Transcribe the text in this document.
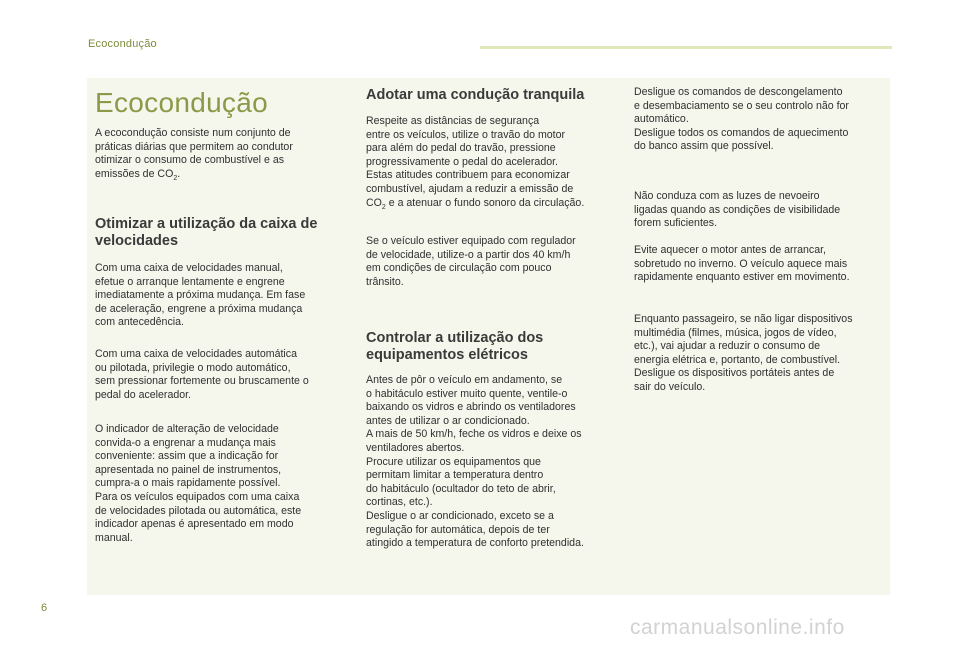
Ecocondução
Ecocondução

A ecocondução consiste num conjunto de
práticas diárias que permitem ao condutor
otimizar o consumo de combustível e as
emissões de $CO_2$.

Otimizar a utilização da caixa de
velocidades

Com uma caixa de velocidades manual,
efetue o arranque lentamente e engrene
imediatamente a próxima mudança. Em fase
de aceleração, engrene a próxima mudança
com antecedência.

Com uma caixa de velocidades automática
ou pilotada, privilegie o modo automático,
sem pressionar fortemente ou bruscamente o
pedal do acelerador.

O indicador de alteração de velocidade
convida-o a engrenar a mudança mais
conveniente: assim que a indicação for
apresentada no painel de instrumentos,
cumpra-a o mais rapidamente possível.
Para os veículos equipados com uma caixa
de velocidades pilotada ou automática, este
indicador apenas é apresentado em modo
manual.

Adotar uma condução tranquila

Respeite as distâncias de segurança
entre os veículos, utilize o travão do motor
para além do pedal do travão, pressione
progressivamente o pedal do acelerador.
Estas atitudes contribuem para economizar
combustível, ajudam a reduzir a emissão de
$CO_2$ e a atenuar o fundo sonoro da circulação.

Se o veículo estiver equipado com regulador
de velocidade, utilize-o a partir dos 40 km/h
em condições de circulação com pouco
trânsito.

Controlar a utilização dos
equipamentos elétricos

Antes de pôr o veículo em andamento, se
o habitáculo estiver muito quente, ventile-o
baixando os vidros e abrindo os ventiladores
antes de utilizar o ar condicionado.
A mais de 50 km/h, feche os vidros e deixe os
ventiladores abertos.
Procure utilizar os equipamentos que
permitam limitar a temperatura dentro
do habitáculo (ocultador do teto de abrir,
cortinas, etc.).
Desligue o ar condicionado, exceto se a
regulação for automática, depois de ter
atingido a temperatura de conforto pretendida.

Desligue os comandos de descongelamento
e desembaciamento se o seu controlo não for
automático.
Desligue todos os comandos de aquecimento
do banco assim que possível.

Não conduza com as luzes de nevoeiro
ligadas quando as condições de visibilidade
forem suficientes.

Evite aquecer o motor antes de arrancar,
sobretudo no inverno. O veículo aquece mais
rapidamente enquanto estiver em movimento.

Enquanto passageiro, se não ligar dispositivos
multimédia (filmes, música, jogos de vídeo,
etc.), vai ajudar a reduzir o consumo de
energia elétrica e, portanto, de combustível.
Desligue os dispositivos portáteis antes de
sair do veículo.

6
carmanualsonline.info
